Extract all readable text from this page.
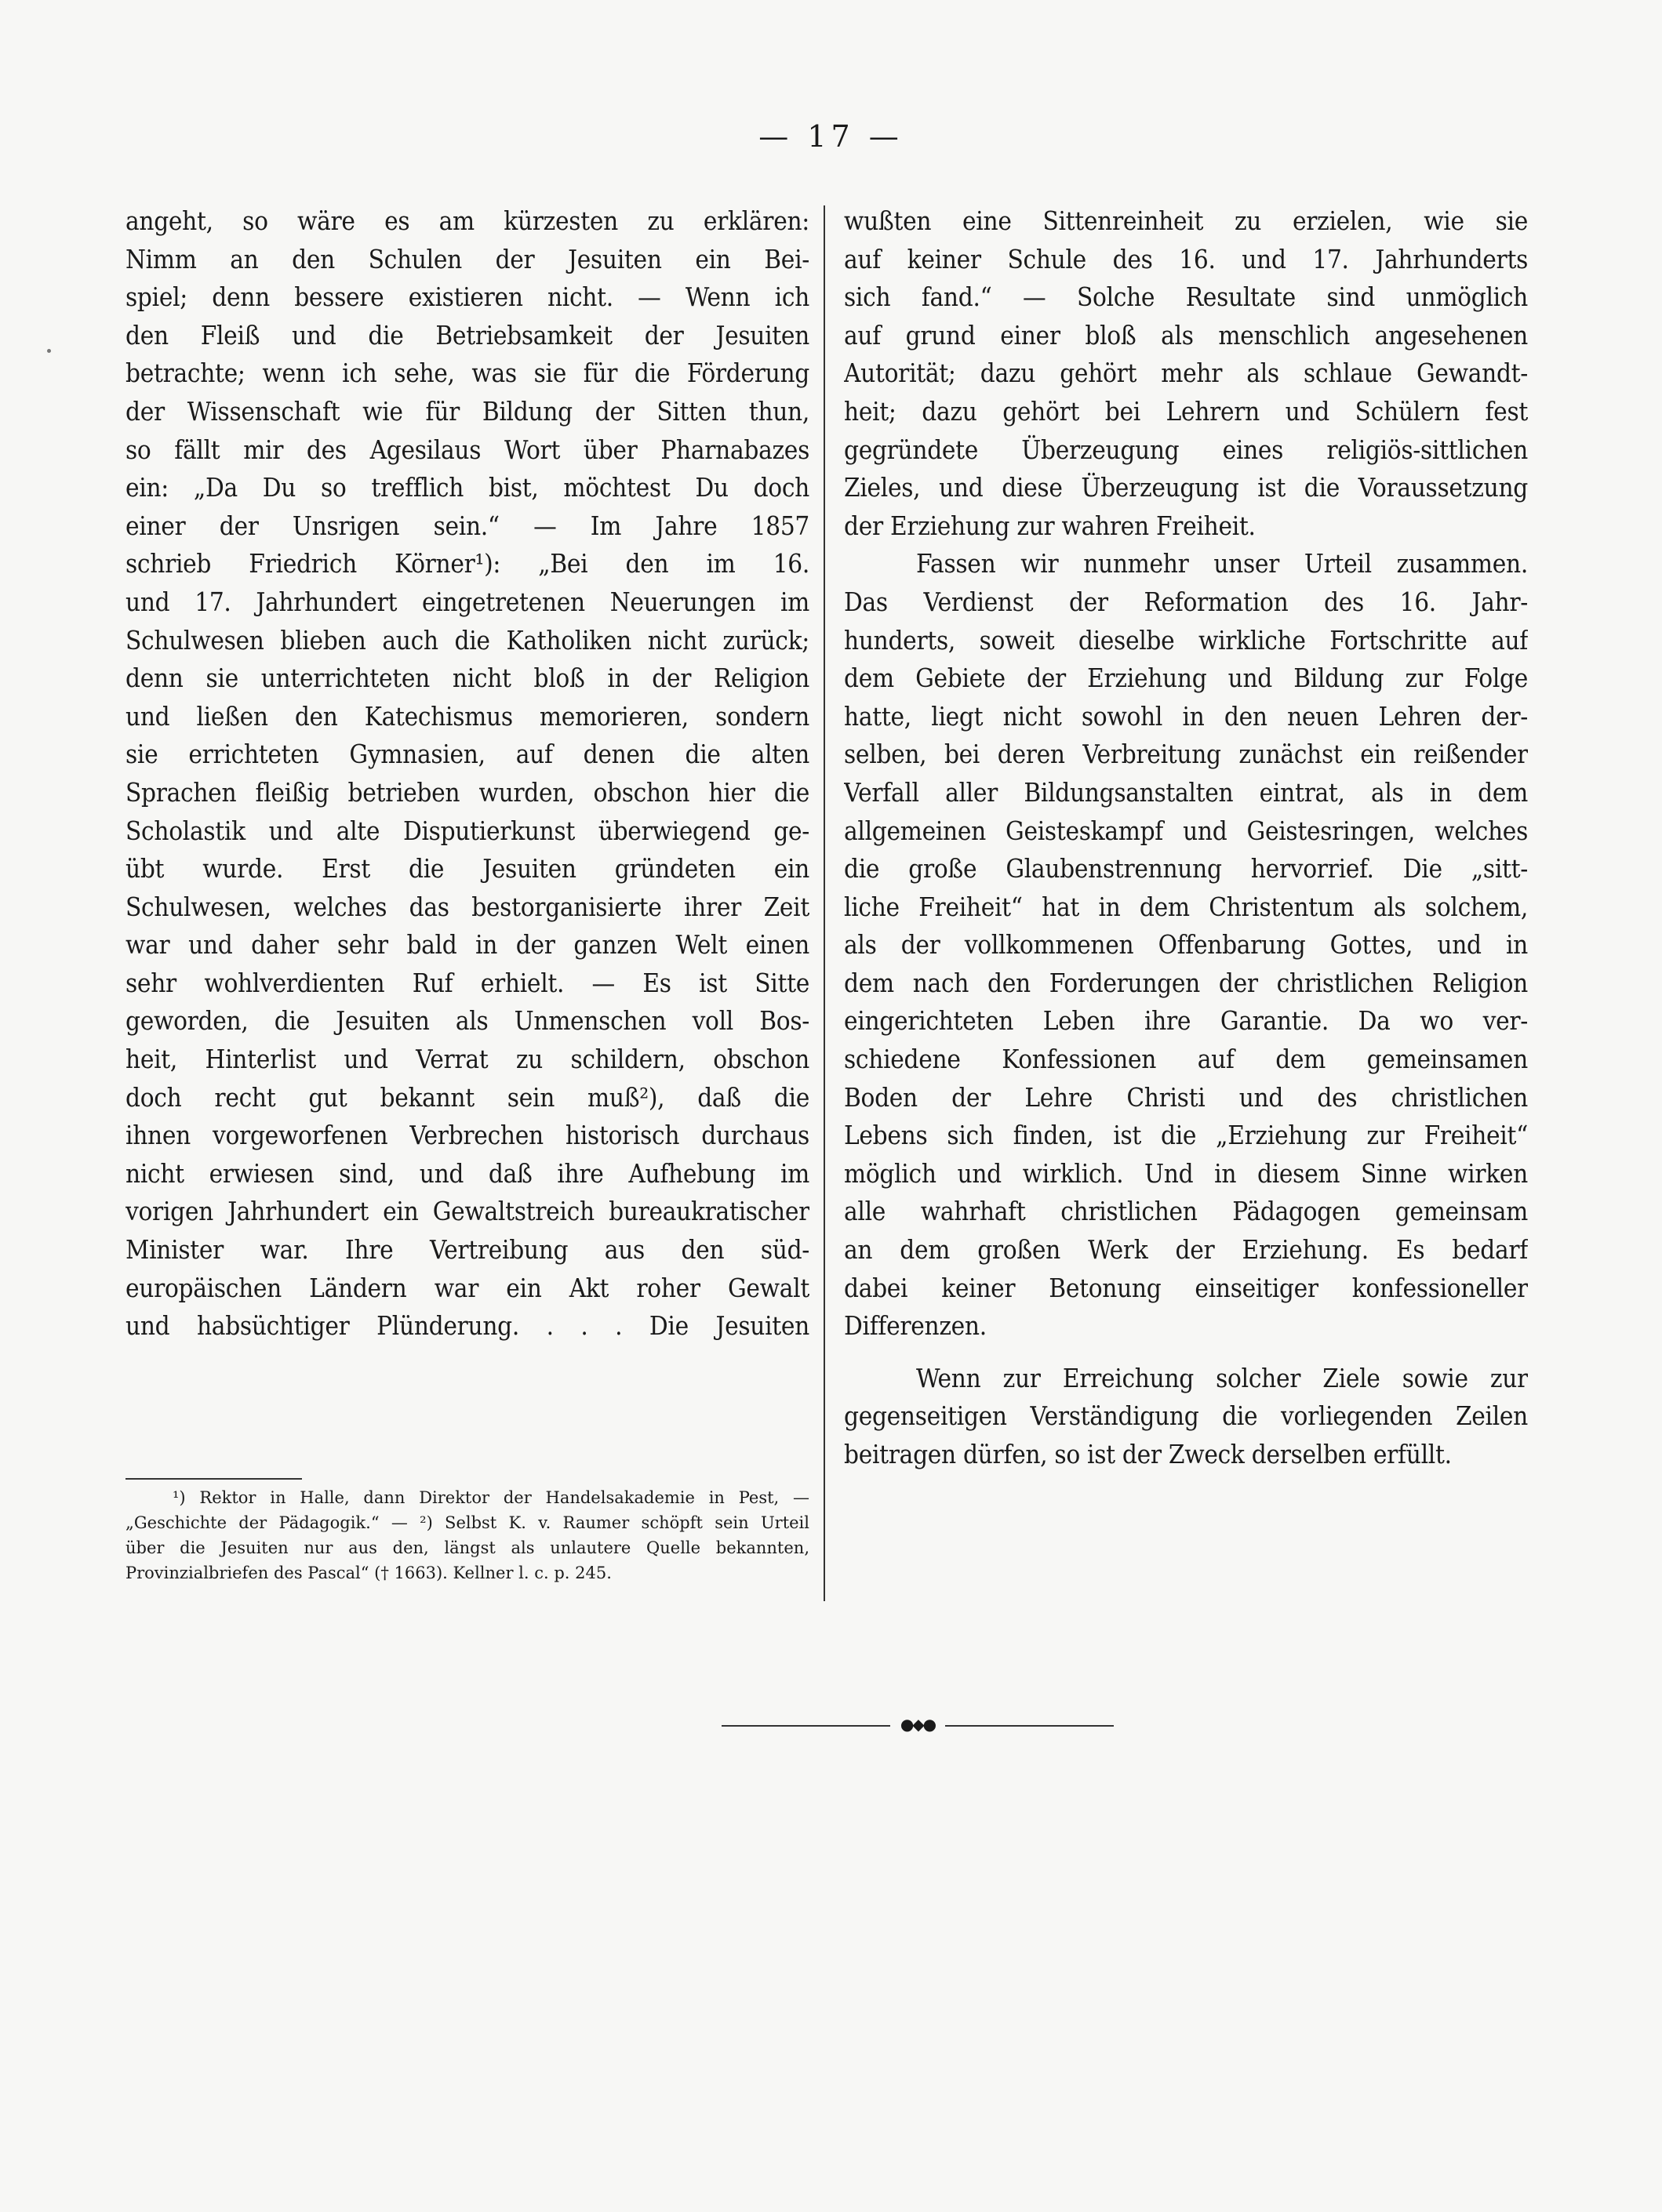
— 17 —
angeht, so wäre es am kürzesten zu erklären:
Nimm an den Schulen der Jesuiten ein Bei-
spiel; denn bessere existieren nicht. — Wenn ich
den Fleiß und die Betriebsamkeit der Jesuiten
betrachte; wenn ich sehe, was sie für die Förderung
der Wissenschaft wie für Bildung der Sitten thun,
so fällt mir des Agesilaus Wort über Pharnabazes
ein: „Da Du so trefflich bist, möchtest Du doch
einer der Unsrigen sein.“ — Im Jahre 1857
schrieb Friedrich Körner¹): „Bei den im 16.
und 17. Jahrhundert eingetretenen Neuerungen im
Schulwesen blieben auch die Katholiken nicht zurück;
denn sie unterrichteten nicht bloß in der Religion
und ließen den Katechismus memorieren, sondern
sie errichteten Gymnasien, auf denen die alten
Sprachen fleißig betrieben wurden, obschon hier die
Scholastik und alte Disputierkunst überwiegend ge-
übt wurde. Erst die Jesuiten gründeten ein
Schulwesen, welches das bestorganisierte ihrer Zeit
war und daher sehr bald in der ganzen Welt einen
sehr wohlverdienten Ruf erhielt. — Es ist Sitte
geworden, die Jesuiten als Unmenschen voll Bos-
heit, Hinterlist und Verrat zu schildern, obschon
doch recht gut bekannt sein muß²), daß die
ihnen vorgeworfenen Verbrechen historisch durchaus
nicht erwiesen sind, und daß ihre Aufhebung im
vorigen Jahrhundert ein Gewaltstreich bureaukratischer
Minister war. Ihre Vertreibung aus den süd-
europäischen Ländern war ein Akt roher Gewalt
und habsüchtiger Plünderung. . . . Die Jesuiten
¹) Rektor in Halle, dann Direktor der Handelsakademie in Pest, —
„Geschichte der Pädagogik.“ — ²) Selbst K. v. Raumer schöpft sein Urteil
über die Jesuiten nur aus den, längst als unlautere Quelle bekannten,
Provinzialbriefen des Pascal“ († 1663). Kellner l. c. p. 245.
wußten eine Sittenreinheit zu erzielen, wie sie
auf keiner Schule des 16. und 17. Jahrhunderts
sich fand.“ — Solche Resultate sind unmöglich
auf grund einer bloß als menschlich angesehenen
Autorität; dazu gehört mehr als schlaue Gewandt-
heit; dazu gehört bei Lehrern und Schülern fest
gegründete Überzeugung eines religiös-sittlichen
Zieles, und diese Überzeugung ist die Voraussetzung
der Erziehung zur wahren Freiheit.
Fassen wir nunmehr unser Urteil zusammen.
Das Verdienst der Reformation des 16. Jahr-
hunderts, soweit dieselbe wirkliche Fortschritte auf
dem Gebiete der Erziehung und Bildung zur Folge
hatte, liegt nicht sowohl in den neuen Lehren der-
selben, bei deren Verbreitung zunächst ein reißender
Verfall aller Bildungsanstalten eintrat, als in dem
allgemeinen Geisteskampf und Geistesringen, welches
die große Glaubenstrennung hervorrief. Die „sitt-
liche Freiheit“ hat in dem Christentum als solchem,
als der vollkommenen Offenbarung Gottes, und in
dem nach den Forderungen der christlichen Religion
eingerichteten Leben ihre Garantie. Da wo ver-
schiedene Konfessionen auf dem gemeinsamen
Boden der Lehre Christi und des christlichen
Lebens sich finden, ist die „Erziehung zur Freiheit“
möglich und wirklich. Und in diesem Sinne wirken
alle wahrhaft christlichen Pädagogen gemeinsam
an dem großen Werk der Erziehung. Es bedarf
dabei keiner Betonung einseitiger konfessioneller
Differenzen.
Wenn zur Erreichung solcher Ziele sowie zur
gegenseitigen Verständigung die vorliegenden Zeilen
beitragen dürfen, so ist der Zweck derselben erfüllt.
●◆●
